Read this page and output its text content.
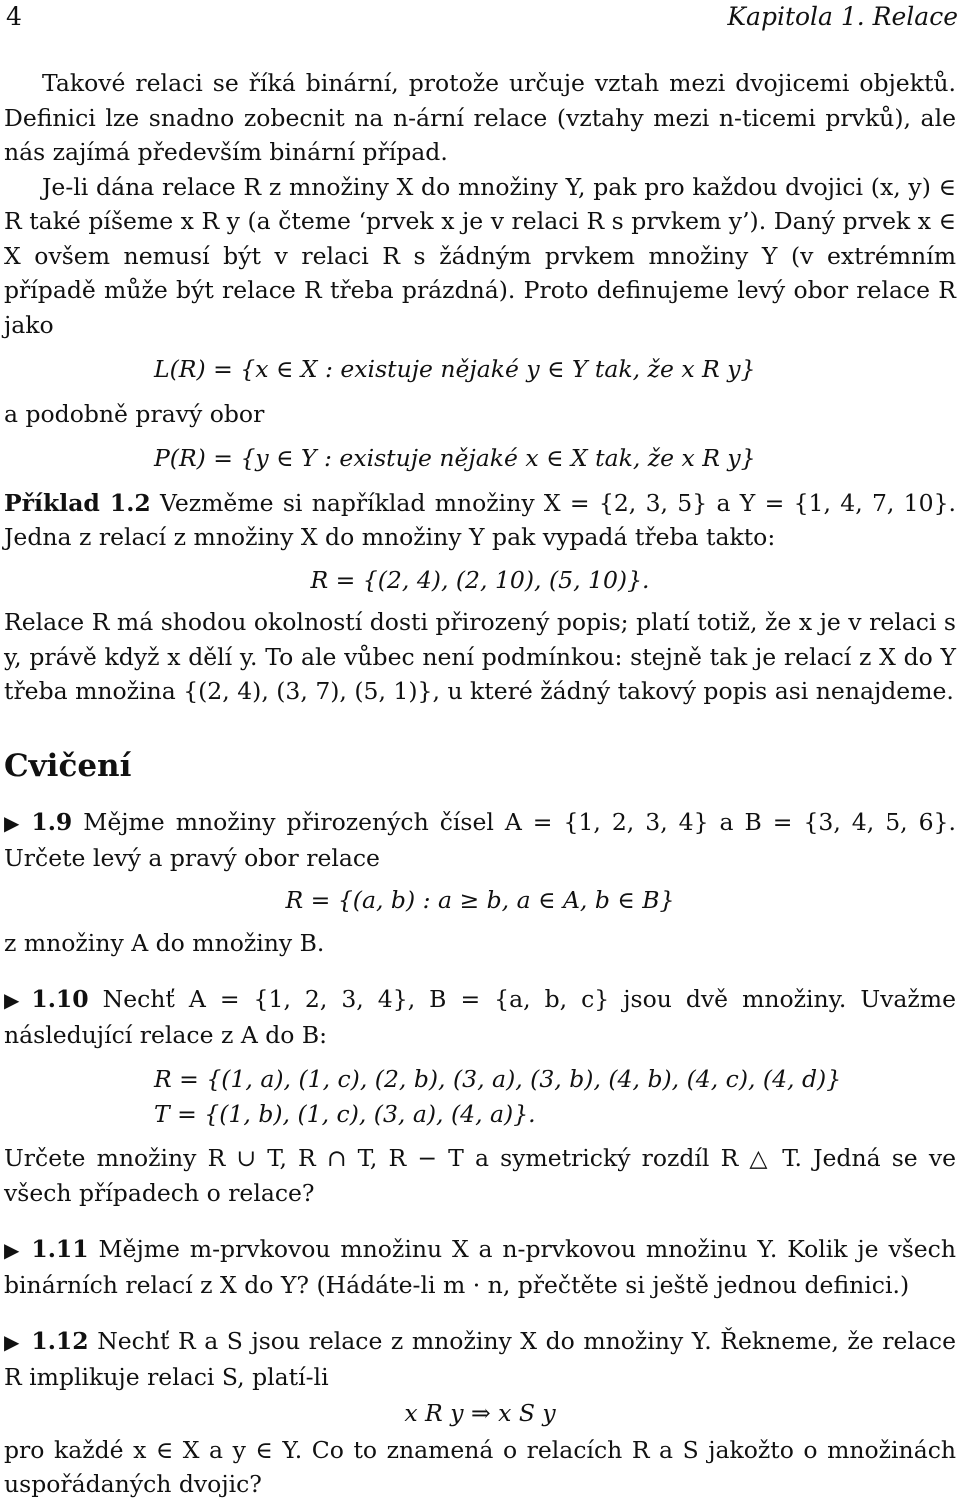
4	Kapitola 1. Relace

Takové relaci se říká binární, protože určuje vztah mezi dvojicemi objektů. Definici lze snadno zobecnit na n-ární relace (vztahy mezi n-ticemi prvků), ale nás zajímá především binární případ.

Je-li dána relace R z množiny X do množiny Y, pak pro každou dvojici (x, y) ∈ R také píšeme x R y (a čteme ‘prvek x je v relaci R s prvkem y’). Daný prvek x ∈ X ovšem nemusí být v relaci R s žádným prvkem množiny Y (v extrémním případě může být relace R třeba prázdná). Proto definujeme levý obor relace R jako

L(R) = {x ∈ X : existuje nějaké y ∈ Y tak, že x R y}

a podobně pravý obor

P(R) = {y ∈ Y : existuje nějaké x ∈ X tak, že x R y}

Příklad 1.2 Vezměme si například množiny X = {2, 3, 5} a Y = {1, 4, 7, 10}. Jedna z relací z množiny X do množiny Y pak vypadá třeba takto:

R = {(2, 4), (2, 10), (5, 10)}.

Relace R má shodou okolností dosti přirozený popis; platí totiž, že x je v relaci s y, právě když x dělí y. To ale vůbec není podmínkou: stejně tak je relací z X do Y třeba množina {(2, 4), (3, 7), (5, 1)}, u které žádný takový popis asi nenajdeme.

Cvičení

▶ 1.9 Mějme množiny přirozených čísel A = {1, 2, 3, 4} a B = {3, 4, 5, 6}. Určete levý a pravý obor relace

R = {(a, b) : a ≥ b, a ∈ A, b ∈ B}

z množiny A do množiny B.

▶ 1.10 Nechť A = {1, 2, 3, 4}, B = {a, b, c} jsou dvě množiny. Uvažme následující relace z A do B:

R = {(1, a), (1, c), (2, b), (3, a), (3, b), (4, b), (4, c), (4, d)}
T = {(1, b), (1, c), (3, a), (4, a)}.

Určete množiny R ∪ T, R ∩ T, R − T a symetrický rozdíl R △ T. Jedná se ve všech případech o relace?

▶ 1.11 Mějme m-prvkovou množinu X a n-prvkovou množinu Y. Kolik je všech binárních relací z X do Y? (Hádáte-li m · n, přečtěte si ještě jednou definici.)

▶ 1.12 Nechť R a S jsou relace z množiny X do množiny Y. Řekneme, že relace R implikuje relaci S, platí-li

x R y ⇒ x S y

pro každé x ∈ X a y ∈ Y. Co to znamená o relacích R a S jakožto o množinách uspořádaných dvojic?
